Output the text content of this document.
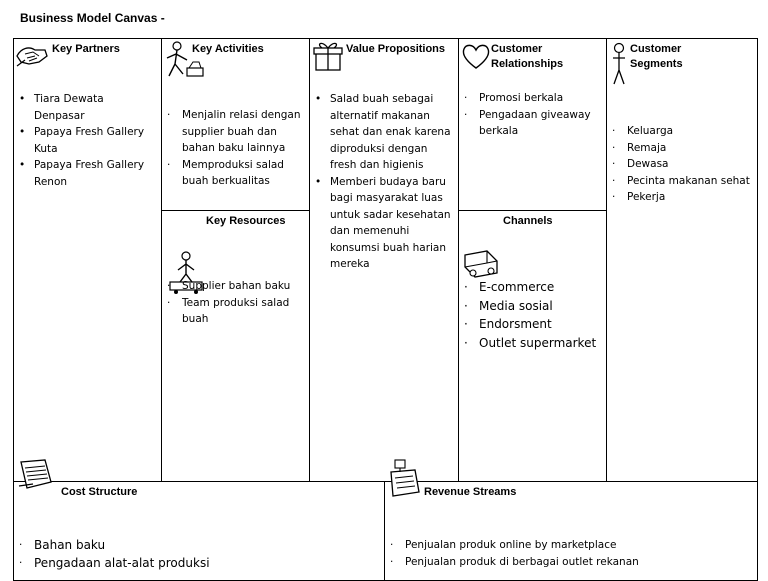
Business Model Canvas -
Key Partners
• Tiara Dewata Denpasar
• Papaya Fresh Gallery Kuta
• Papaya Fresh Gallery Renon
Key Activities
· Menjalin relasi dengan supplier buah dan bahan baku lainnya
· Memproduksi salad buah berkualitas
Key Resources
· Supplier bahan baku
· Team produksi salad buah
Value Propositions
• Salad buah sebagai alternatif makanan sehat dan enak karena diproduksi dengan fresh dan higienis
• Memberi budaya baru bagi masyarakat luas untuk sadar kesehatan dan memenuhi konsumsi buah harian mereka
Customer Relationships
· Promosi berkala
· Pengadaan giveaway berkala
Channels
· E-commerce
· Media sosial
· Endorsment
· Outlet supermarket
Customer Segments
· Keluarga
· Remaja
· Dewasa
· Pecinta makanan sehat
· Pekerja
Cost Structure
· Bahan baku
· Pengadaan alat-alat produksi
Revenue Streams
· Penjualan produk online by marketplace
· Penjualan produk di berbagai outlet rekanan
